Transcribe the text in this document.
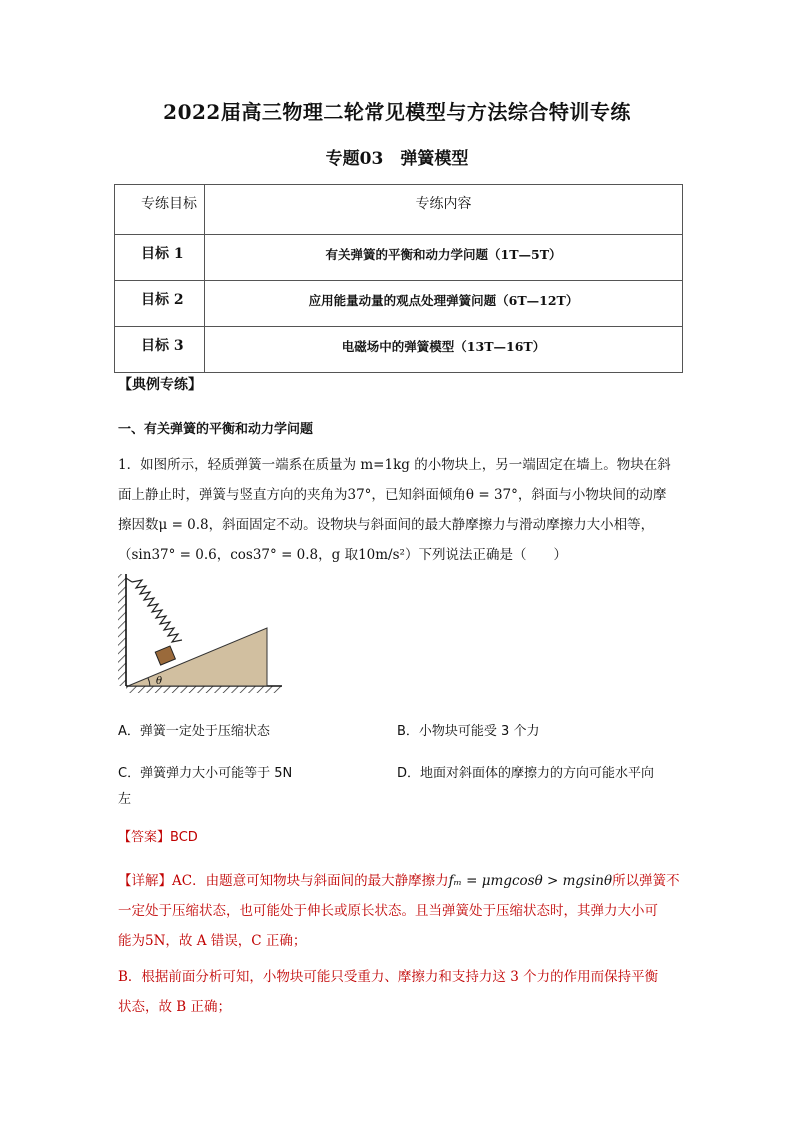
2022届高三物理二轮常见模型与方法综合特训专练
专题03　弹簧模型
专练目标	专练内容
目标 1	有关弹簧的平衡和动力学问题（1T—5T）
目标 2	应用能量动量的观点处理弹簧问题（6T—12T）
目标 3	电磁场中的弹簧模型（13T—16T）
【典例专练】
一、有关弹簧的平衡和动力学问题
1．如图所示，轻质弹簧一端系在质量为 m=1kg 的小物块上，另一端固定在墙上。物块在斜
面上静止时，弹簧与竖直方向的夹角为37°，已知斜面倾角θ = 37°，斜面与小物块间的动摩
擦因数μ = 0.8，斜面固定不动。设物块与斜面间的最大静摩擦力与滑动摩擦力大小相等，
（sin37° = 0.6，cos37° = 0.8，g 取10m/s²）下列说法正确是（　　）
θ
A．弹簧一定处于压缩状态	B．小物块可能受 3 个力
C．弹簧弹力大小可能等于 5N	D．地面对斜面体的摩擦力的方向可能水平向
左
【答案】BCD
【详解】AC．由题意可知物块与斜面间的最大静摩擦力fₘ = μmgcosθ > mgsinθ所以弹簧不
一定处于压缩状态，也可能处于伸长或原长状态。且当弹簧处于压缩状态时，其弹力大小可
能为5N，故 A 错误，C 正确；
B．根据前面分析可知，小物块可能只受重力、摩擦力和支持力这 3 个力的作用而保持平衡
状态，故 B 正确；
